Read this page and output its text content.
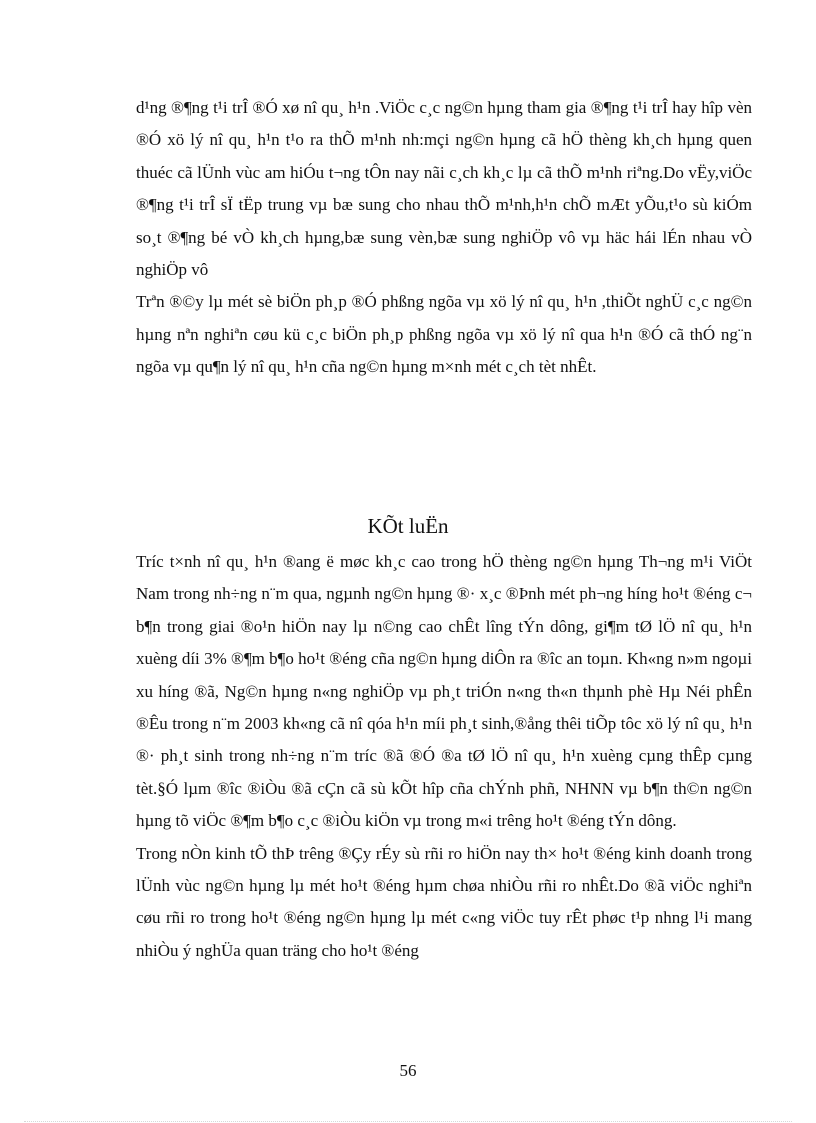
d¹ng ®¶ng t¹i trÎ ®Ó xø nî qu¸ h¹n .ViÖc c¸c ng©n hµng tham gia ®¶ng t¹i trÎ hay hîp vèn ®Ó xö lý nî qu¸ h¹n t¹o ra thÕ m¹nh nh:mçi ng©n hµng cã hÖ thèng kh¸ch hµng quen thuéc cã lÜnh vùc am hiÓu t¬ng tÔn nay nãi c¸ch kh¸c lµ cã thÕ m¹nh riªng.Do vËy,viÖc ®¶ng t¹i trÎ sÏ tËp trung vµ bæ sung cho nhau thÕ m¹nh,h¹n chÕ mÆt yÕu,t¹o sù kiÓm so¸t ®¶ng bé vÒ kh¸ch hµng,bæ sung vèn,bæ sung nghiÖp vô vµ häc hái lÉn nhau vÒ nghiÖp vô

Trªn ®©y lµ mét sè biÖn ph¸p ®Ó phßng ngõa vµ xö lý nî qu¸ h¹n ,thiÕt nghÜ c¸c ng©n hµng nªn nghiªn cøu kü c¸c biÖn ph¸p phßng ngõa vµ xö lý nî qua h¹n ®Ó cã thÓ ng¨n ngõa vµ qu¶n lý nî qu¸ h¹n cña ng©n hµng m×nh mét c¸ch tèt nhÊt.

KÕt luËn

Tríc t×nh nî qu¸ h¹n ®ang ë møc kh¸c cao trong hÖ thèng ng©n hµng Th¬ng m¹i ViÖt Nam trong nh÷ng n¨m qua, ngµnh ng©n hµng ®· x¸c ®Þnh mét ph¬ng híng ho¹t ®éng c¬ b¶n trong giai ®o¹n hiÖn nay lµ n©ng cao chÊt lîng tÝn dông, gi¶m tØ lÖ nî qu¸ h¹n xuèng díi 3% ®¶m b¶o ho¹t ®éng cña ng©n hµng diÔn ra ®îc an toµn. Kh«ng n»m ngoµi xu híng ®ã, Ng©n hµng n«ng nghiÖp vµ ph¸t triÓn n«ng th«n thµnh phè Hµ Néi phÊn ®Êu trong n¨m 2003 kh«ng cã nî qóa h¹n míi ph¸t sinh,®ång thêi tiÕp tôc xö lý nî qu¸ h¹n ®· ph¸t sinh trong nh÷ng n¨m tríc ®ã ®Ó ®a tØ lÖ nî qu¸ h¹n xuèng cµng thÊp cµng tèt.§Ó lµm ®îc ®iÒu ®ã cÇn cã sù kÕt hîp cña chÝnh phñ, NHNN vµ b¶n th©n ng©n hµng tõ viÖc ®¶m b¶o c¸c ®iÒu kiÖn vµ trong m«i trêng ho¹t ®éng tÝn dông.

Trong nÒn kinh tÕ thÞ trêng ®Çy rÉy sù rñi ro hiÖn nay th× ho¹t ®éng kinh doanh trong lÜnh vùc ng©n hµng lµ mét ho¹t ®éng hµm chøa nhiÒu rñi ro nhÊt.Do ®ã viÖc nghiªn cøu rñi ro trong ho¹t ®éng ng©n hµng lµ mét c«ng viÖc tuy rÊt phøc t¹p nhng l¹i mang nhiÒu ý nghÜa quan träng cho ho¹t ®éng

56
